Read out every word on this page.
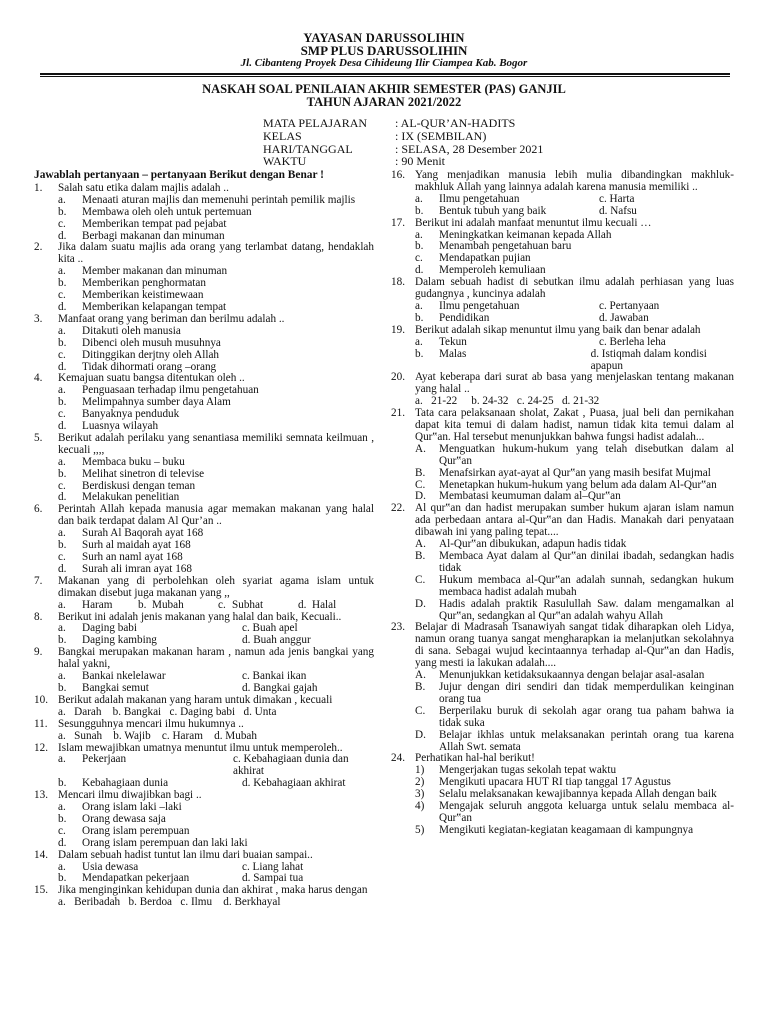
YAYASAN DARUSSOLIHIN
SMP PLUS DARUSSOLIHIN
Jl. Cibanteng Proyek Desa Cihideung Ilir Ciampea Kab. Bogor
NASKAH SOAL PENILAIAN AKHIR SEMESTER (PAS) GANJIL
TAHUN AJARAN 2021/2022
MATA PELAJARAN : AL-QUR’AN-HADITS
KELAS	: IX (SEMBILAN)
HARI/TANGGAL	: SELASA, 28 Desember 2021
WAKTU	: 90 Menit
Jawablah pertanyaan – pertanyaan Berikut dengan Benar !
1.	Salah satu etika dalam majlis adalah ..
a.	Menaati aturan majlis dan memenuhi perintah pemilik majlis
b.	Membawa oleh oleh untuk pertemuan
c.	Memberikan tempat pad pejabat
d.	Berbagi makanan dan minuman
2.	Jika dalam suatu majlis ada orang yang terlambat datang, hendaklah kita ..
a.	Member makanan dan minuman
b.	Memberikan penghormatan
c.	Memberikan keistimewaan
d.	Memberikan kelapangan tempat
3.	Manfaat orang yang beriman dan berilmu adalah ..
a.	Ditakuti oleh manusia
b.	Dibenci oleh musuh musuhnya
c.	Ditinggikan derjtny oleh Allah
d.	Tidak dihormati orang –orang
4.	Kemajuan suatu bangsa ditentukan oleh ..
a.	Penguasaan terhadap ilmu pengetahuan
b.	Melimpahnya sumber daya Alam
c.	Banyaknya penduduk
d.	Luasnya wilayah
5.	Berikut adalah perilaku yang senantiasa memiliki semnata keilmuan , kecuali ,,,,
a.	Membaca buku – buku
b.	Melihat sinetron di televise
c.	Berdiskusi dengan teman
d.	Melakukan penelitian
6.	Perintah Allah kepada manusia agar memakan makanan yang halal dan baik terdapat dalam Al Qur’an ..
a.	Surah Al Baqorah ayat 168
b.	Surh al maidah ayat 168
c.	Surh an naml ayat 168
d.	Surah ali imran ayat 168
7.	Makanan yang di perbolehkan oleh syariat agama islam untuk dimakan disebut juga makanan yang ,,
a.	Haram b. Mubah	c. Subhat	d. Halal
8.	Berikut ini adalah jenis makanan yang halal dan baik, Kecuali..
a.	Daging babi	c. Buah apel
b.	Daging kambing	d. Buah anggur
9.	Bangkai merupakan makanan haram , namun ada jenis bangkai yang halal yakni,
a.	Bankai nkelelawar	c. Bankai ikan
b.	Bangkai semut	d. Bangkai gajah
10. Berikut adalah makanan yang haram untuk dimakan , kecuali
a.   Darah    b. Bangkai   c. Daging babi   d. Unta
11. Sesungguhnya mencari ilmu hukumnya ..
a.   Sunah    b. Wajib    c. Haram    d. Mubah
12. Islam mewajibkan umatnya menuntut ilmu untuk memperoleh..
a.	Pekerjaan	c. Kebahagiaan dunia dan akhirat
b.	Kebahagiaan dunia	d. Kebahagiaan akhirat
13. Mencari ilmu diwajibkan bagi ..
a.	Orang islam laki –laki
b.	Orang dewasa saja
c.	Orang islam perempuan
d.	Orang islam perempuan dan laki laki
14. Dalam sebuah hadist tuntut lan ilmu dari buaian sampai..
a.	Usia dewasa	c. Liang lahat
b.	Mendapatkan pekerjaan	d. Sampai tua
15. Jika menginginkan kehidupan dunia dan akhirat , maka harus dengan
a.   Beribadah   b. Berdoa   c. Ilmu    d. Berkhayal
16. Yang menjadikan manusia lebih mulia dibandingkan makhluk-makhluk Allah yang lainnya adalah karena manusia memiliki ..
a.	Ilmu pengetahuan	c. Harta
b.	Bentuk tubuh yang baik	d. Nafsu
17. Berikut ini adalah manfaat menuntut ilmu kecuali …
a.	Meningkatkan keimanan kepada Allah
b.	Menambah pengetahuan baru
c.	Mendapatkan pujian
d.	Memperoleh kemuliaan
18. Dalam sebuah hadist di sebutkan ilmu adalah perhiasan yang luas gudangnya , kuncinya adalah
a.	Ilmu pengetahuan	c. Pertanyaan
b.	Pendidikan	d. Jawaban
19. Berikut adalah sikap menuntut ilmu yang baik dan benar adalah
a.	Tekun	c. Berleha leha
b.	Malas	d. Istiqmah dalam kondisi apapun
20. Ayat keberapa dari surat ab basa yang menjelaskan tentang makanan yang halal ..
a.   21-22     b. 24-32   c. 24-25   d. 21-32
21. Tata cara pelaksanaan sholat, Zakat , Puasa, jual beli dan pernikahan dapat kita temui di dalam hadist, namun tidak kita temui dalam al Qur‟an. Hal tersebut menunjukkan bahwa fungsi hadist adalah...
A.	Menguatkan hukum-hukum yang telah disebutkan dalam al Qur‟an
B.	Menafsirkan ayat-ayat al Qur‟an yang masih besifat Mujmal
C.	Menetapkan hukum-hukum yang belum ada dalam Al-Qur‟an
D.	Membatasi keumuman dalam al–Qur‟an
22. Al qur‟an dan hadist merupakan sumber hukum ajaran islam namun ada perbedaan antara al-Qur‟an dan Hadis. Manakah dari penyataan dibawah ini yang paling tepat....
A.	Al-Qur‟an dibukukan, adapun hadis tidak
B.	Membaca Ayat dalam al Qur‟an dinilai ibadah, sedangkan hadis tidak
C.	Hukum membaca al-Qur‟an adalah sunnah, sedangkan hukum membaca hadist adalah mubah
D.	Hadis adalah praktik Rasulullah Saw. dalam mengamalkan al Qur‟an, sedangkan al Qur‟an adalah wahyu Allah
23. Belajar di Madrasah Tsanawiyah sangat tidak diharapkan oleh Lidya, namun orang tuanya sangat mengharapkan ia melanjutkan sekolahnya di sana. Sebagai wujud kecintaannya terhadap al-Qur‟an dan Hadis, yang mesti ia lakukan adalah....
A.	Menunjukkan ketidaksukaannya dengan belajar asal-asalan
B.	Jujur dengan diri sendiri dan tidak memperdulikan keinginan orang tua
C.	Berperilaku buruk di sekolah agar orang tua paham bahwa ia tidak suka
D.	Belajar ikhlas untuk melaksanakan perintah orang tua karena Allah Swt. semata
24. Perhatikan hal-hal berikut!
1)	Mengerjakan tugas sekolah tepat waktu
2)	Mengikuti upacara HUT RI tiap tanggal 17 Agustus
3)	Selalu melaksanakan kewajibannya kepada Allah dengan baik
4)	Mengajak seluruh anggota keluarga untuk selalu membaca al-Qur‟an
5)	Mengikuti kegiatan-kegiatan keagamaan di kampungnya
